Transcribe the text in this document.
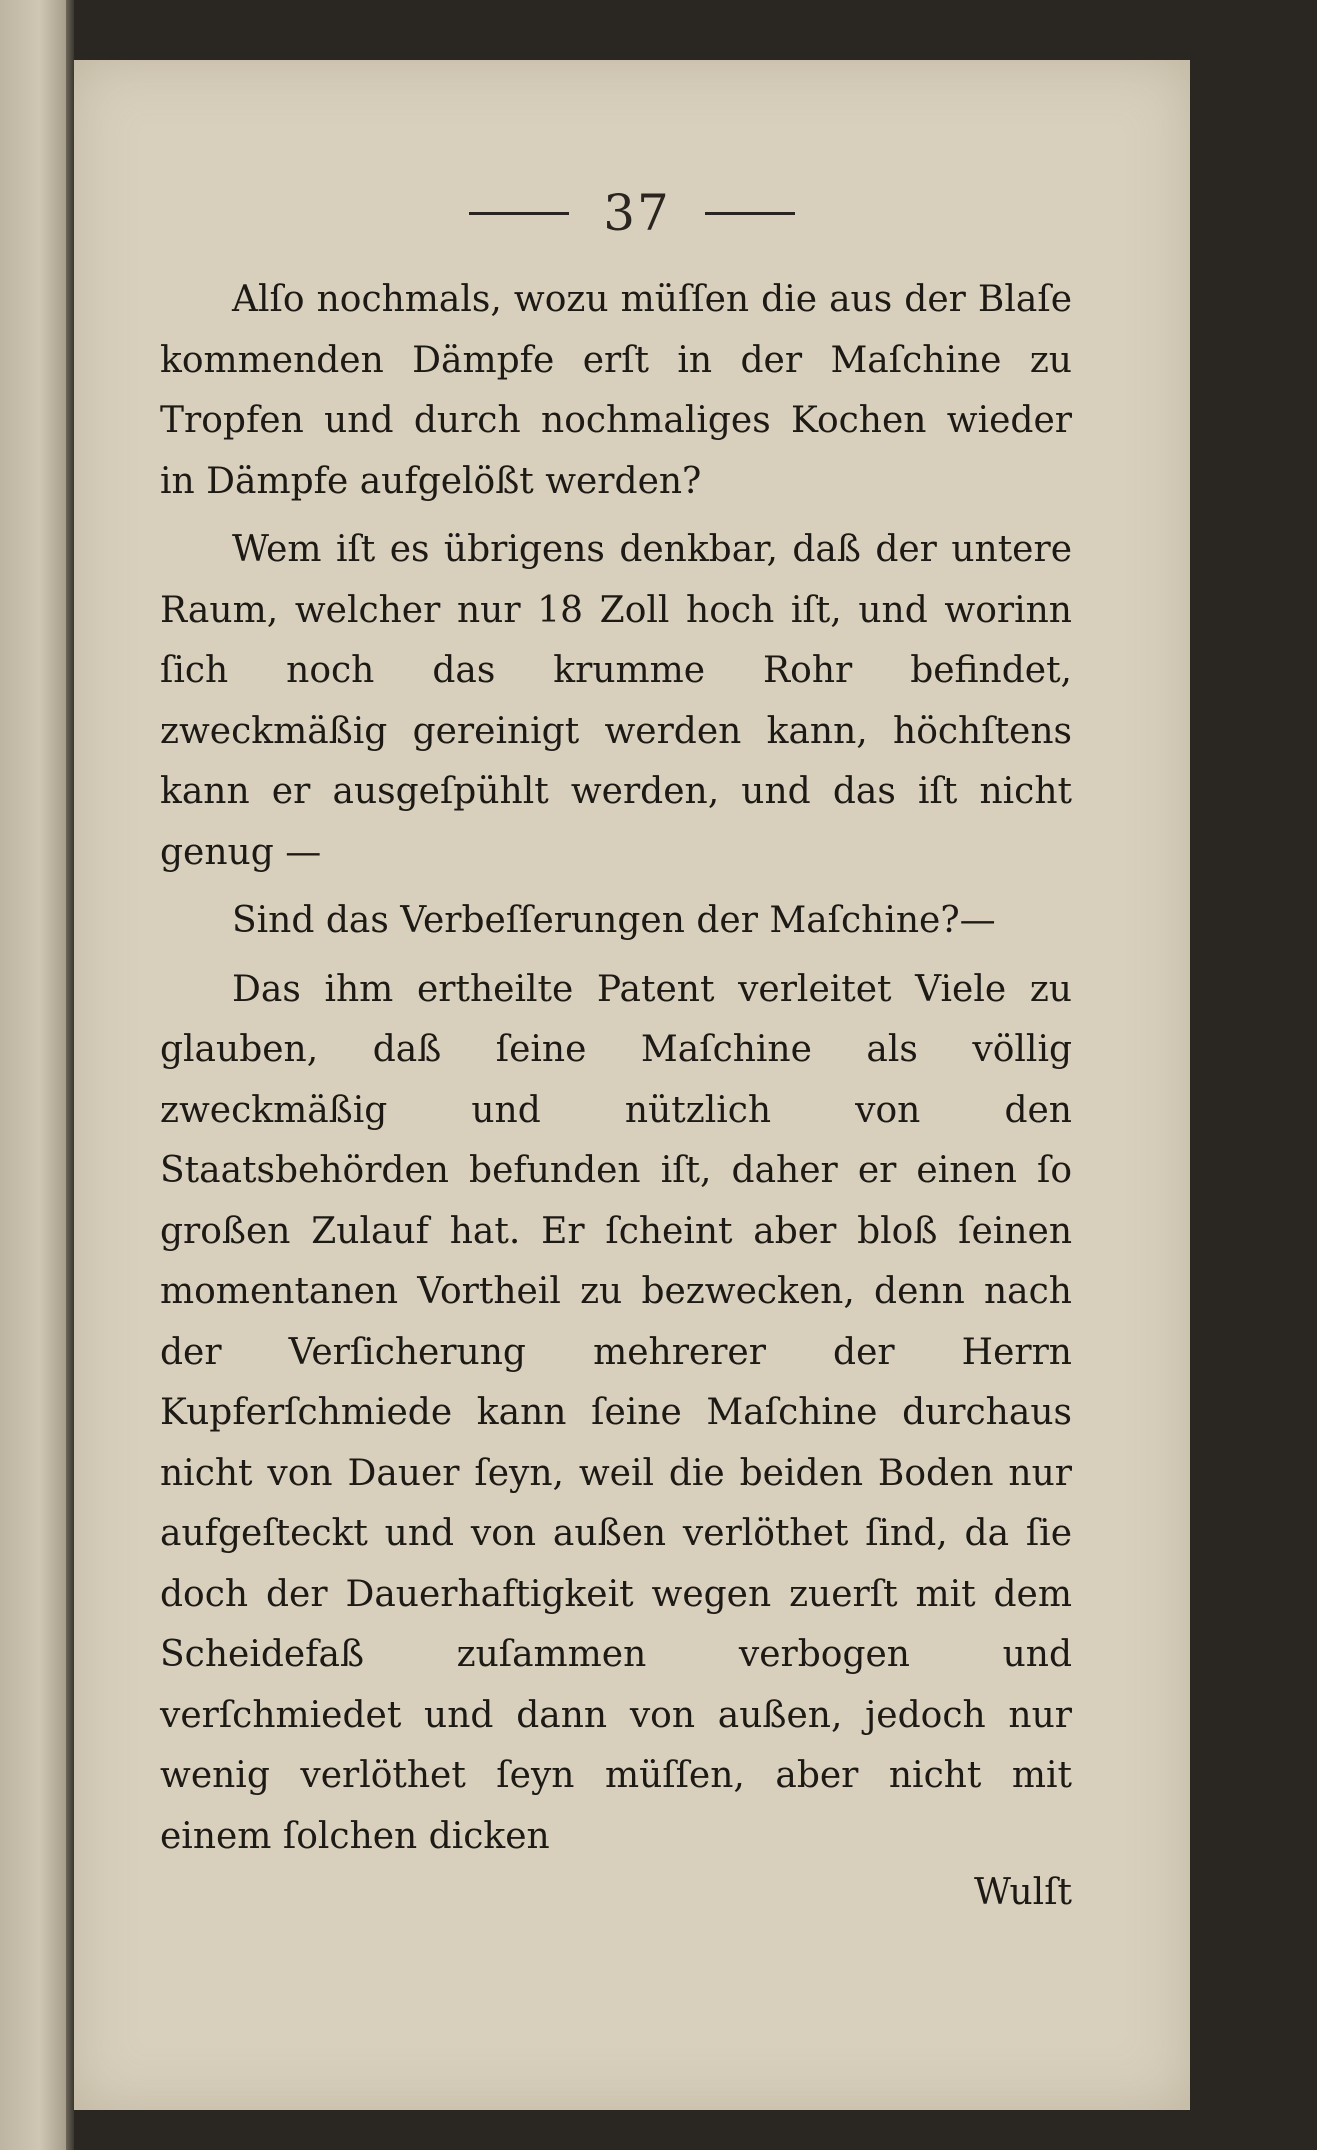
37

Alſo nochmals, wozu müſſen die aus der Blaſe kommenden Dämpfe erſt in der Maſchine zu Tropfen und durch nochmaliges Kochen wieder in Dämpfe aufgelößt werden?

Wem iſt es übrigens denkbar, daß der untere Raum, welcher nur 18 Zoll hoch iſt, und worinn ſich noch das krumme Rohr befindet, zweckmäßig gereinigt werden kann, höchſtens kann er ausgeſpühlt werden, und das iſt nicht genug —

Sind das Verbeſſerungen der Maſchine?—

Das ihm ertheilte Patent verleitet Viele zu glauben, daß ſeine Maſchine als völlig zweckmäßig und nützlich von den Staatsbehörden befunden iſt, daher er einen ſo großen Zulauf hat. Er ſcheint aber bloß ſeinen momentanen Vortheil zu bezwecken, denn nach der Verſicherung mehrerer der Herrn Kupferſchmiede kann ſeine Maſchine durchaus nicht von Dauer ſeyn, weil die beiden Boden nur aufgeſteckt und von außen verlöthet ſind, da ſie doch der Dauerhaftigkeit wegen zuerſt mit dem Scheidefaß zuſammen verbogen und verſchmiedet und dann von außen, jedoch nur wenig verlöthet ſeyn müſſen, aber nicht mit einem ſolchen dicken

Wulſt
